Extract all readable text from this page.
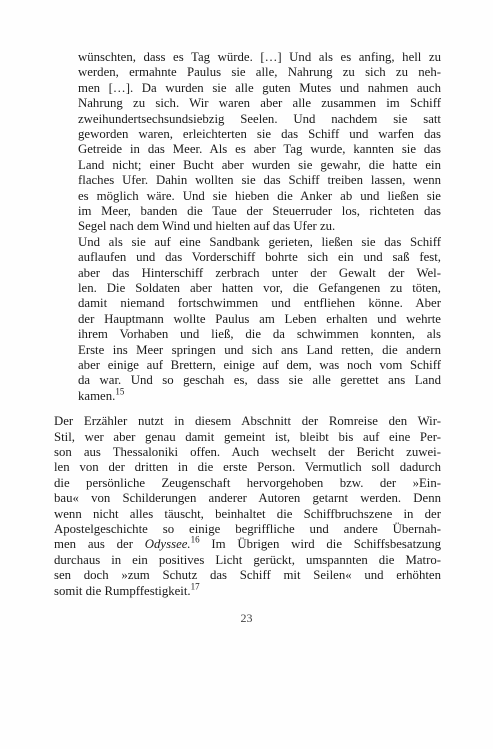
wünschten, dass es Tag würde. […] Und als es anfing, hell zu
werden, ermahnte Paulus sie alle, Nahrung zu sich zu neh-
men […]. Da wurden sie alle guten Mutes und nahmen auch
Nahrung zu sich. Wir waren aber alle zusammen im Schiff
zweihundertsechsundsiebzig Seelen. Und nachdem sie satt
geworden waren, erleichterten sie das Schiff und warfen das
Getreide in das Meer. Als es aber Tag wurde, kannten sie das
Land nicht; einer Bucht aber wurden sie gewahr, die hatte ein
flaches Ufer. Dahin wollten sie das Schiff treiben lassen, wenn
es möglich wäre. Und sie hieben die Anker ab und ließen sie
im Meer, banden die Taue der Steuerruder los, richteten das
Segel nach dem Wind und hielten auf das Ufer zu.
Und als sie auf eine Sandbank gerieten, ließen sie das Schiff
auflaufen und das Vorderschiff bohrte sich ein und saß fest,
aber das Hinterschiff zerbrach unter der Gewalt der Wel-
len. Die Soldaten aber hatten vor, die Gefangenen zu töten,
damit niemand fortschwimmen und entfliehen könne. Aber
der Hauptmann wollte Paulus am Leben erhalten und wehrte
ihrem Vorhaben und ließ, die da schwimmen konnten, als
Erste ins Meer springen und sich ans Land retten, die andern
aber einige auf Brettern, einige auf dem, was noch vom Schiff
da war. Und so geschah es, dass sie alle gerettet ans Land
kamen.$^{15}$
Der Erzähler nutzt in diesem Abschnitt der Romreise den Wir-
Stil, wer aber genau damit gemeint ist, bleibt bis auf eine Per-
son aus Thessaloniki offen. Auch wechselt der Bericht zuwei-
len von der dritten in die erste Person. Vermutlich soll dadurch
die persönliche Zeugenschaft hervorgehoben bzw. der »Ein-
bau« von Schilderungen anderer Autoren getarnt werden. Denn
wenn nicht alles täuscht, beinhaltet die Schiffbruchszene in der
Apostelgeschichte so einige begriffliche und andere Übernah-
men aus der Odyssee.$^{16}$ Im Übrigen wird die Schiffsbesatzung
durchaus in ein positives Licht gerückt, umspannten die Matro-
sen doch »zum Schutz das Schiff mit Seilen« und erhöhten
somit die Rumpffestigkeit.$^{17}$
23
